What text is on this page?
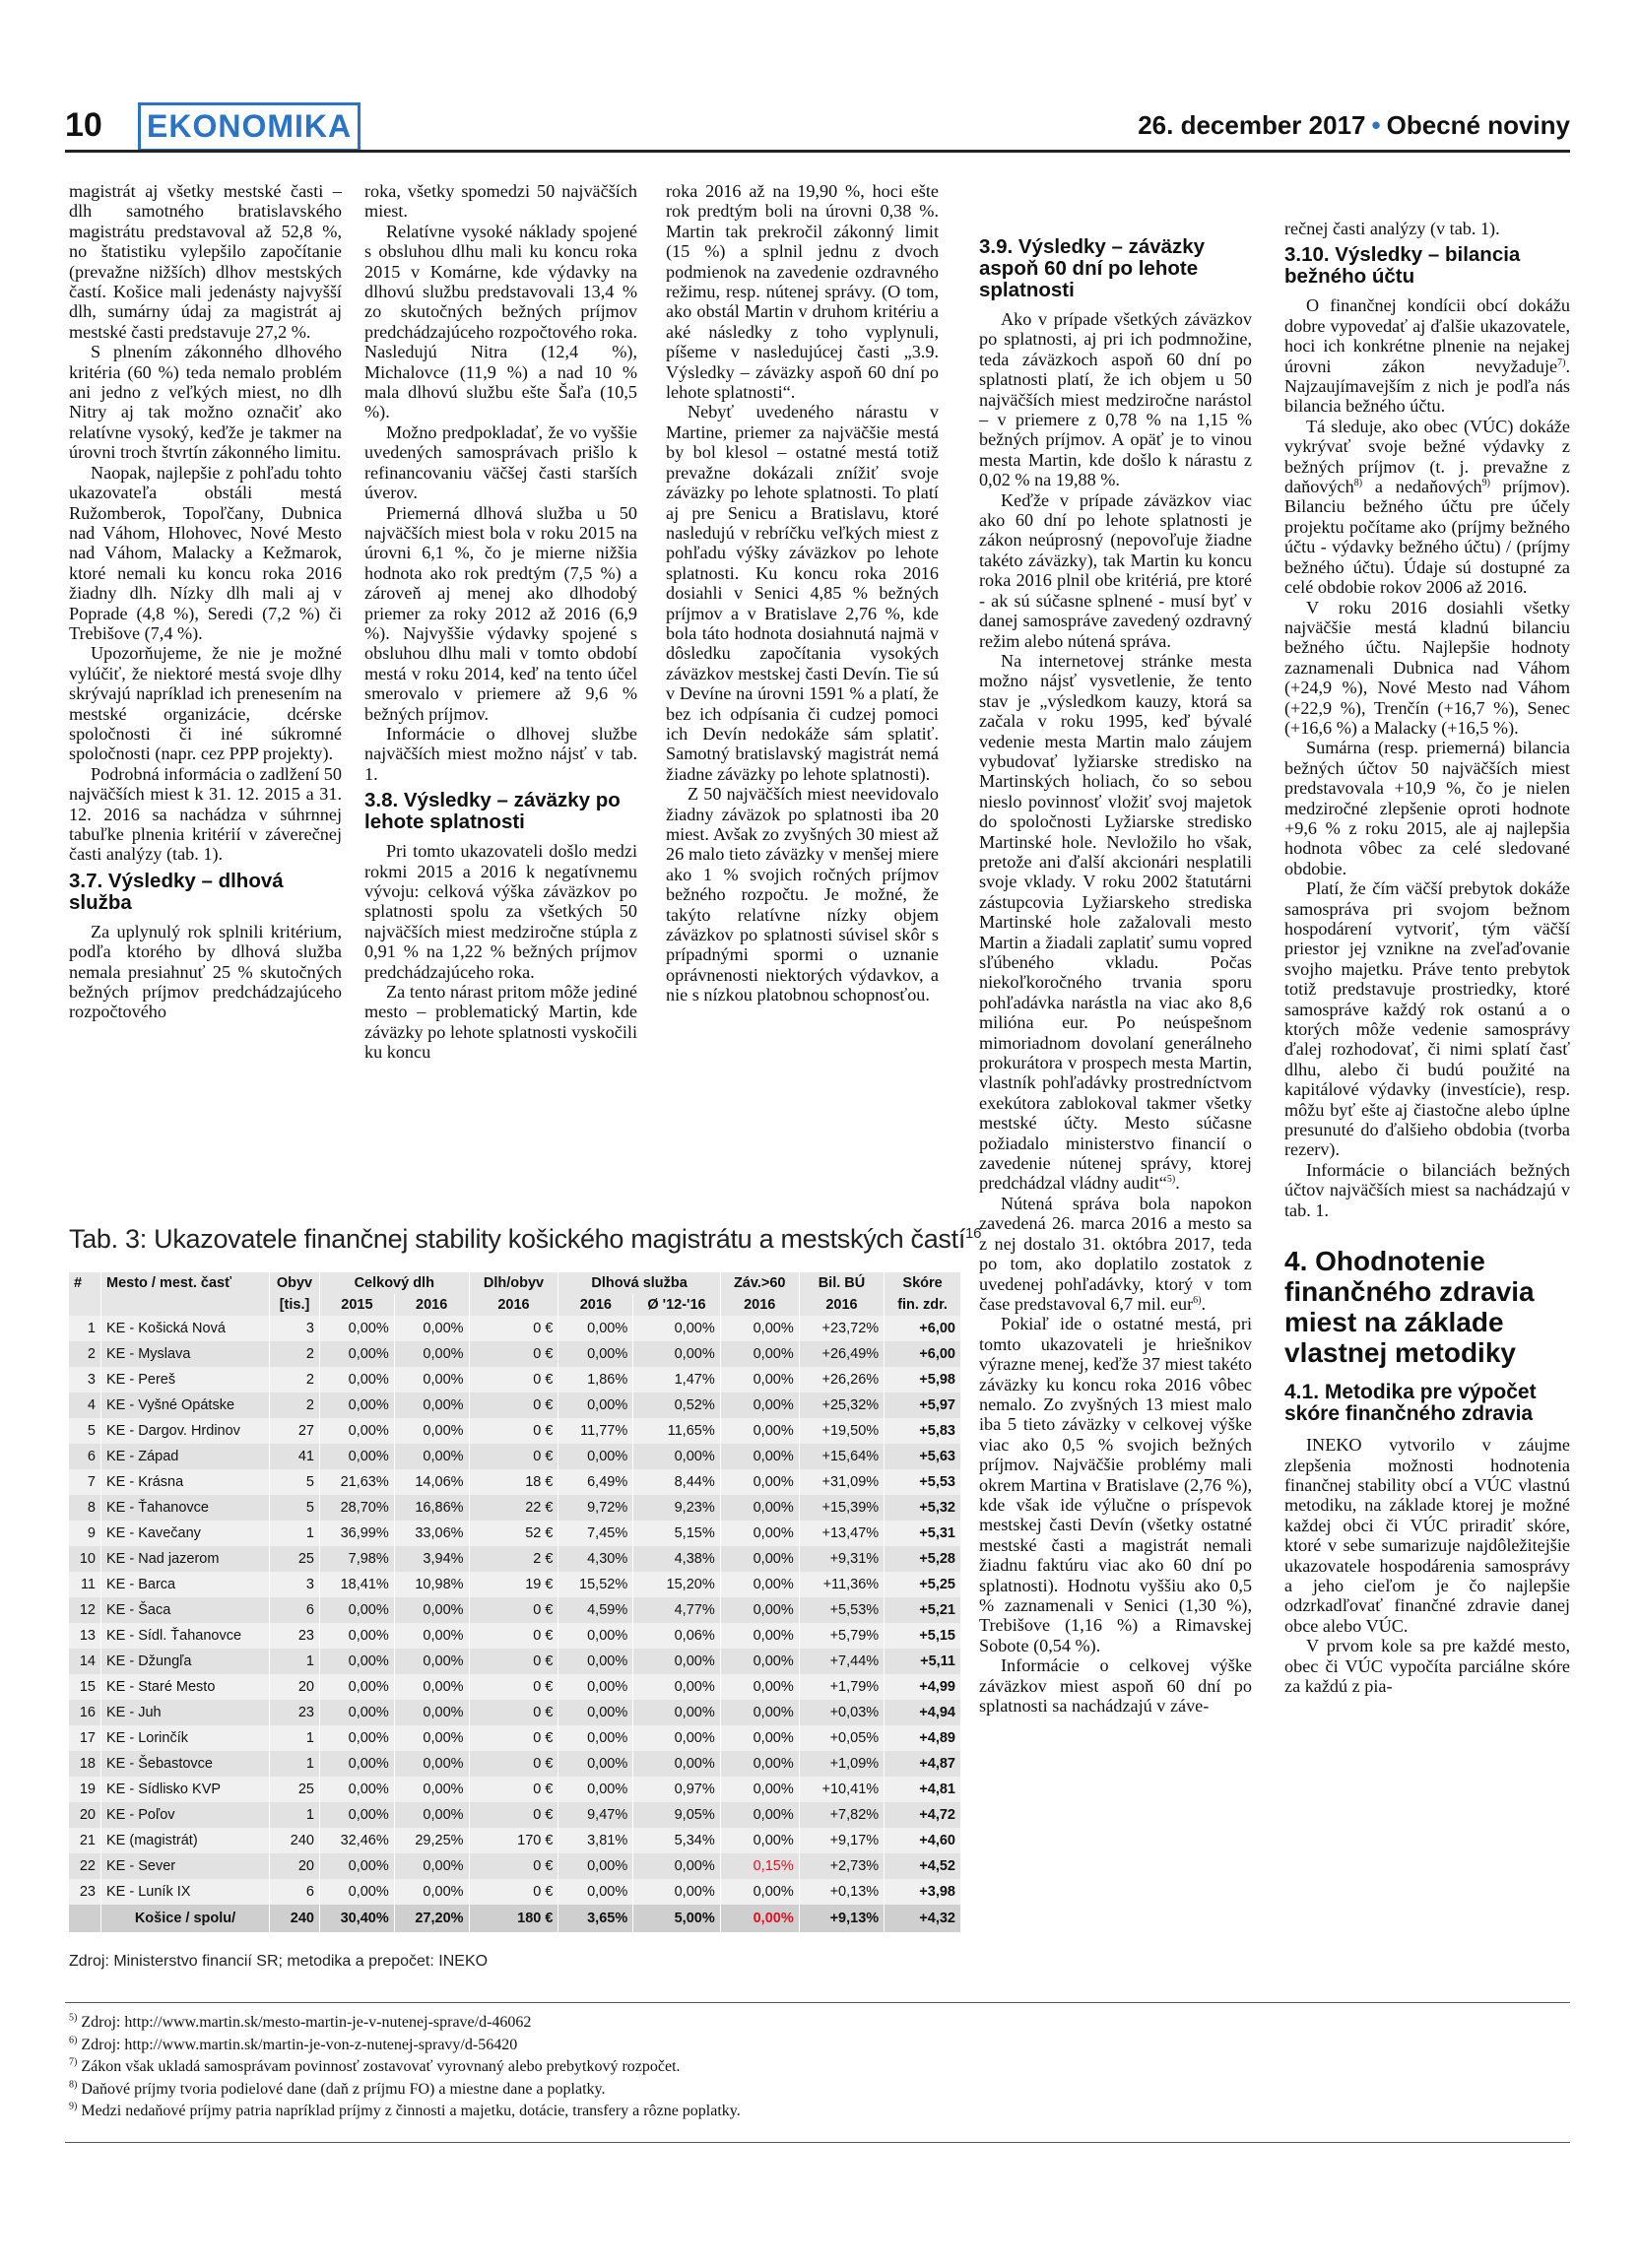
10 EKONOMIKA	26. december 2017 • Obecné noviny

magistrát aj všetky mestské časti – dlh samotného bratislavského magistrátu predstavoval až 52,8 %, no štatistiku vylepšilo započítanie (prevažne nižších) dlhov mestských častí. Košice mali jedenásty najvyšší dlh, sumárny údaj za magistrát aj mestské časti predstavuje 27,2 %.

S plnením zákonného dlhového kritéria (60 %) teda nemalo problém ani jedno z veľkých miest, no dlh Nitry aj tak možno označiť ako relatívne vysoký, keďže je takmer na úrovni troch štvrtín zákonného limitu.

Naopak, najlepšie z pohľadu tohto ukazovateľa obstáli mestá Ružomberok, Topoľčany, Dubnica nad Váhom, Hlohovec, Nové Mesto nad Váhom, Malacky a Kežmarok, ktoré nemali ku koncu roka 2016 žiadny dlh. Nízky dlh mali aj v Poprade (4,8 %), Seredi (7,2 %) či Trebišove (7,4 %).

Upozorňujeme, že nie je možné vylúčiť, že niektoré mestá svoje dlhy skrývajú napríklad ich prenesením na mestské organizácie, dcérske spoločnosti či iné súkromné spoločnosti (napr. cez PPP projekty).

Podrobná informácia o zadlžení 50 najväčších miest k 31. 12. 2015 a 31. 12. 2016 sa nachádza v súhrnnej tabuľke plnenia kritérií v záverečnej časti analýzy (tab. 1).

3.7. Výsledky – dlhová služba

Za uplynulý rok splnili kritérium, podľa ktorého by dlhová služba nemala presiahnuť 25 % skutočných bežných príjmov predchádzajúceho rozpočtového

roka, všetky spomedzi 50 najväčších miest.

Relatívne vysoké náklady spojené s obsluhou dlhu mali ku koncu roka 2015 v Komárne, kde výdavky na dlhovú službu predstavovali 13,4 % zo skutočných bežných príjmov predchádzajúceho rozpočtového roka. Nasledujú Nitra (12,4 %), Michalovce (11,9 %) a nad 10 % mala dlhovú službu ešte Šaľa (10,5 %).

Možno predpokladať, že vo vyššie uvedených samosprávach prišlo k refinancovaniu väčšej časti starších úverov.

Priemerná dlhová služba u 50 najväčších miest bola v roku 2015 na úrovni 6,1 %, čo je mierne nižšia hodnota ako rok predtým (7,5 %) a zároveň aj menej ako dlhodobý priemer za roky 2012 až 2016 (6,9 %). Najvyššie výdavky spojené s obsluhou dlhu mali v tomto období mestá v roku 2014, keď na tento účel smerovalo v priemere až 9,6 % bežných príjmov.

Informácie o dlhovej službe najväčších miest možno nájsť v tab. 1.

3.8. Výsledky – záväzky po lehote splatnosti

Pri tomto ukazovateli došlo medzi rokmi 2015 a 2016 k negatívnemu vývoju: celková výška záväzkov po splatnosti spolu za všetkých 50 najväčších miest medziročne stúpla z 0,91 % na 1,22 % bežných príjmov predchádzajúceho roka.

Za tento nárast pritom môže jediné mesto – problematický Martin, kde záväzky po lehote splatnosti vyskočili ku koncu

roka 2016 až na 19,90 %, hoci ešte rok predtým boli na úrovni 0,38 %. Martin tak prekročil zákonný limit (15 %) a splnil jednu z dvoch podmienok na zavedenie ozdravného režimu, resp. nútenej správy. (O tom, ako obstál Martin v druhom kritériu a aké následky z toho vyplynuli, píšeme v nasledujúcej časti „3.9. Výsledky – záväzky aspoň 60 dní po lehote splatnosti“.

Nebyť uvedeného nárastu v Martine, priemer za najväčšie mestá by bol klesol – ostatné mestá totiž prevažne dokázali znížiť svoje záväzky po lehote splatnosti. To platí aj pre Senicu a Bratislavu, ktoré nasledujú v rebríčku veľkých miest z pohľadu výšky záväzkov po lehote splatnosti. Ku koncu roka 2016 dosiahli v Senici 4,85 % bežných príjmov a v Bratislave 2,76 %, kde bola táto hodnota dosiahnutá najmä v dôsledku započítania vysokých záväzkov mestskej časti Devín. Tie sú v Devíne na úrovni 1591 % a platí, že bez ich odpísania či cudzej pomoci ich Devín nedokáže sám splatiť. Samotný bratislavský magistrát nemá žiadne záväzky po lehote splatnosti).

Z 50 najväčších miest neevidovalo žiadny záväzok po splatnosti iba 20 miest. Avšak zo zvyšných 30 miest až 26 malo tieto záväzky v menšej miere ako 1 % svojich ročných príjmov bežného rozpočtu. Je možné, že takýto relatívne nízky objem záväzkov po splatnosti súvisel skôr s prípadnými spormi o uznanie oprávnenosti niektorých výdavkov, a nie s nízkou platobnou schopnosťou.

3.9. Výsledky – záväzky aspoň 60 dní po lehote splatnosti

Ako v prípade všetkých záväzkov po splatnosti, aj pri ich podmnožine, teda záväzkoch aspoň 60 dní po splatnosti platí, že ich objem u 50 najväčších miest medziročne narástol – v priemere z 0,78 % na 1,15 % bežných príjmov. A opäť je to vinou mesta Martin, kde došlo k nárastu z 0,02 % na 19,88 %.

Keďže v prípade záväzkov viac ako 60 dní po lehote splatnosti je zákon neúprosný (nepovoľuje žiadne takéto záväzky), tak Martin ku koncu roka 2016 plnil obe kritériá, pre ktoré - ak sú súčasne splnené - musí byť v danej samospráve zavedený ozdravný režim alebo nútená správa.

Na internetovej stránke mesta možno nájsť vysvetlenie, že tento stav je „výsledkom kauzy, ktorá sa začala v roku 1995, keď bývalé vedenie mesta Martin malo záujem vybudovať lyžiarske stredisko na Martinských holiach, čo so sebou nieslo povinnosť vložiť svoj majetok do spoločnosti Lyžiarske stredisko Martinské hole. Nevložilo ho však, pretože ani ďalší akcionári nesplatili svoje vklady. V roku 2002 štatutárni zástupcovia Lyžiarskeho strediska Martinské hole zažalovali mesto Martin a žiadali zaplatiť sumu vopred sľúbeného vkladu. Počas niekoľkoročného trvania sporu pohľadávka narástla na viac ako 8,6 milióna eur. Po neúspešnom mimoriadnom dovolaní generálneho prokurátora v prospech mesta Martin, vlastník pohľadávky prostredníctvom exekútora zablokoval takmer všetky mestské účty. Mesto súčasne požiadalo ministerstvo financií o zavedenie nútenej správy, ktorej predchádzal vládny audit“$^{5)}$.

Nútená správa bola napokon zavedená 26. marca 2016 a mesto sa z nej dostalo 31. októbra 2017, teda po tom, ako doplatilo zostatok z uvedenej pohľadávky, ktorý v tom čase predstavoval 6,7 mil. eur$^{6)}$.

Pokiaľ ide o ostatné mestá, pri tomto ukazovateli je hriešnikov výrazne menej, keďže 37 miest takéto záväzky ku koncu roka 2016 vôbec nemalo. Zo zvyšných 13 miest malo iba 5 tieto záväzky v celkovej výške viac ako 0,5 % svojich bežných príjmov. Najväčšie problémy mali okrem Martina v Bratislave (2,76 %), kde však ide výlučne o príspevok mestskej časti Devín (všetky ostatné mestské časti a magistrát nemali žiadnu faktúru viac ako 60 dní po splatnosti). Hodnotu vyššiu ako 0,5 % zaznamenali v Senici (1,30 %), Trebišove (1,16 %) a Rimavskej Sobote (0,54 %).

Informácie o celkovej výške záväzkov miest aspoň 60 dní po splatnosti sa nachádzajú v záve-

rečnej časti analýzy (v tab. 1).

3.10. Výsledky – bilancia bežného účtu

O finančnej kondícii obcí dokážu dobre vypovedať aj ďalšie ukazovatele, hoci ich konkrétne plnenie na nejakej úrovni zákon nevyžaduje$^{7)}$. Najzaujímavejším z nich je podľa nás bilancia bežného účtu.

Tá sleduje, ako obec (VÚC) dokáže vykrývať svoje bežné výdavky z bežných príjmov (t. j. prevažne z daňových$^{8)}$ a nedaňových$^{9)}$ príjmov). Bilanciu bežného účtu pre účely projektu počítame ako (príjmy bežného účtu - výdavky bežného účtu) / (príjmy bežného účtu). Údaje sú dostupné za celé obdobie rokov 2006 až 2016.

V roku 2016 dosiahli všetky najväčšie mestá kladnú bilanciu bežného účtu. Najlepšie hodnoty zaznamenali Dubnica nad Váhom (+24,9 %), Nové Mesto nad Váhom (+22,9 %), Trenčín (+16,7 %), Senec (+16,6 %) a Malacky (+16,5 %).

Sumárna (resp. priemerná) bilancia bežných účtov 50 najväčších miest predstavovala +10,9 %, čo je nielen medziročné zlepšenie oproti hodnote +9,6 % z roku 2015, ale aj najlepšia hodnota vôbec za celé sledované obdobie.

Platí, že čím väčší prebytok dokáže samospráva pri svojom bežnom hospodárení vytvoriť, tým väčší priestor jej vznikne na zveľaďovanie svojho majetku. Práve tento prebytok totiž predstavuje prostriedky, ktoré samospráve každý rok ostanú a o ktorých môže vedenie samosprávy ďalej rozhodovať, či nimi splatí časť dlhu, alebo či budú použité na kapitálové výdavky (investície), resp. môžu byť ešte aj čiastočne alebo úplne presunuté do ďalšieho obdobia (tvorba rezerv).

Informácie o bilanciách bežných účtov najväčších miest sa nachádzajú v tab. 1.

4. Ohodnotenie finančného zdravia miest na základe vlastnej metodiky
4.1. Metodika pre výpočet skóre finančného zdravia

INEKO vytvorilo v záujme zlepšenia možnosti hodnotenia finančnej stability obcí a VÚC vlastnú metodiku, na základe ktorej je možné každej obci či VÚC priradiť skóre, ktoré v sebe sumarizuje najdôležitejšie ukazovatele hospodárenia samosprávy a jeho cieľom je čo najlepšie odzrkadľovať finančné zdravie danej obce alebo VÚC.

V prvom kole sa pre každé mesto, obec či VÚC vypočíta parciálne skóre za každú z pia-

Tab. 3: Ukazovatele finančnej stability košického magistrátu a mestských častí$^{16}$
#	Mesto / mest. časť	Obyv	Celkový dlh		Dlh/obyv	Dlhová služba		Záv.>60	Bil. BÚ	Skóre
		[tis.]	2015	2016	2016	2016	Ø '12-'16	2016	2016	fin. zdr.
1	KE - Košická Nová	3	0,00%	0,00%	0 €	0,00%	0,00%	0,00%	+23,72%	+6,00
2	KE - Myslava	2	0,00%	0,00%	0 €	0,00%	0,00%	0,00%	+26,49%	+6,00
3	KE - Pereš	2	0,00%	0,00%	0 €	1,86%	1,47%	0,00%	+26,26%	+5,98
4	KE - Vyšné Opátske	2	0,00%	0,00%	0 €	0,00%	0,52%	0,00%	+25,32%	+5,97
5	KE - Dargov. Hrdinov	27	0,00%	0,00%	0 €	11,77%	11,65%	0,00%	+19,50%	+5,83
6	KE - Západ	41	0,00%	0,00%	0 €	0,00%	0,00%	0,00%	+15,64%	+5,63
7	KE - Krásna	5	21,63%	14,06%	18 €	6,49%	8,44%	0,00%	+31,09%	+5,53
8	KE - Ťahanovce	5	28,70%	16,86%	22 €	9,72%	9,23%	0,00%	+15,39%	+5,32
9	KE - Kavečany	1	36,99%	33,06%	52 €	7,45%	5,15%	0,00%	+13,47%	+5,31
10	KE - Nad jazerom	25	7,98%	3,94%	2 €	4,30%	4,38%	0,00%	+9,31%	+5,28
11	KE - Barca	3	18,41%	10,98%	19 €	15,52%	15,20%	0,00%	+11,36%	+5,25
12	KE - Šaca	6	0,00%	0,00%	0 €	4,59%	4,77%	0,00%	+5,53%	+5,21
13	KE - Sídl. Ťahanovce	23	0,00%	0,00%	0 €	0,00%	0,06%	0,00%	+5,79%	+5,15
14	KE - Džungľa	1	0,00%	0,00%	0 €	0,00%	0,00%	0,00%	+7,44%	+5,11
15	KE - Staré Mesto	20	0,00%	0,00%	0 €	0,00%	0,00%	0,00%	+1,79%	+4,99
16	KE - Juh	23	0,00%	0,00%	0 €	0,00%	0,00%	0,00%	+0,03%	+4,94
17	KE - Lorinčík	1	0,00%	0,00%	0 €	0,00%	0,00%	0,00%	+0,05%	+4,89
18	KE - Šebastovce	1	0,00%	0,00%	0 €	0,00%	0,00%	0,00%	+1,09%	+4,87
19	KE - Sídlisko KVP	25	0,00%	0,00%	0 €	0,00%	0,97%	0,00%	+10,41%	+4,81
20	KE - Poľov	1	0,00%	0,00%	0 €	9,47%	9,05%	0,00%	+7,82%	+4,72
21	KE (magistrát)	240	32,46%	29,25%	170 €	3,81%	5,34%	0,00%	+9,17%	+4,60
22	KE - Sever	20	0,00%	0,00%	0 €	0,00%	0,00%	0,15%	+2,73%	+4,52
23	KE - Luník IX	6	0,00%	0,00%	0 €	0,00%	0,00%	0,00%	+0,13%	+3,98
	Košice / spolu/	240	30,40%	27,20%	180 €	3,65%	5,00%	0,00%	+9,13%	+4,32
Zdroj: Ministerstvo financií SR; metodika a prepočet: INEKO
$^{5)}$ Zdroj: http://www.martin.sk/mesto-martin-je-v-nutenej-sprave/d-46062
$^{6)}$ Zdroj: http://www.martin.sk/martin-je-von-z-nutenej-spravy/d-56420
$^{7)}$ Zákon však ukladá samosprávam povinnosť zostavovať vyrovnaný alebo prebytkový rozpočet.
$^{8)}$ Daňové príjmy tvoria podielové dane (daň z príjmu FO) a miestne dane a poplatky.
$^{9)}$ Medzi nedaňové príjmy patria napríklad príjmy z činnosti a majetku, dotácie, transfery a rôzne poplatky.
